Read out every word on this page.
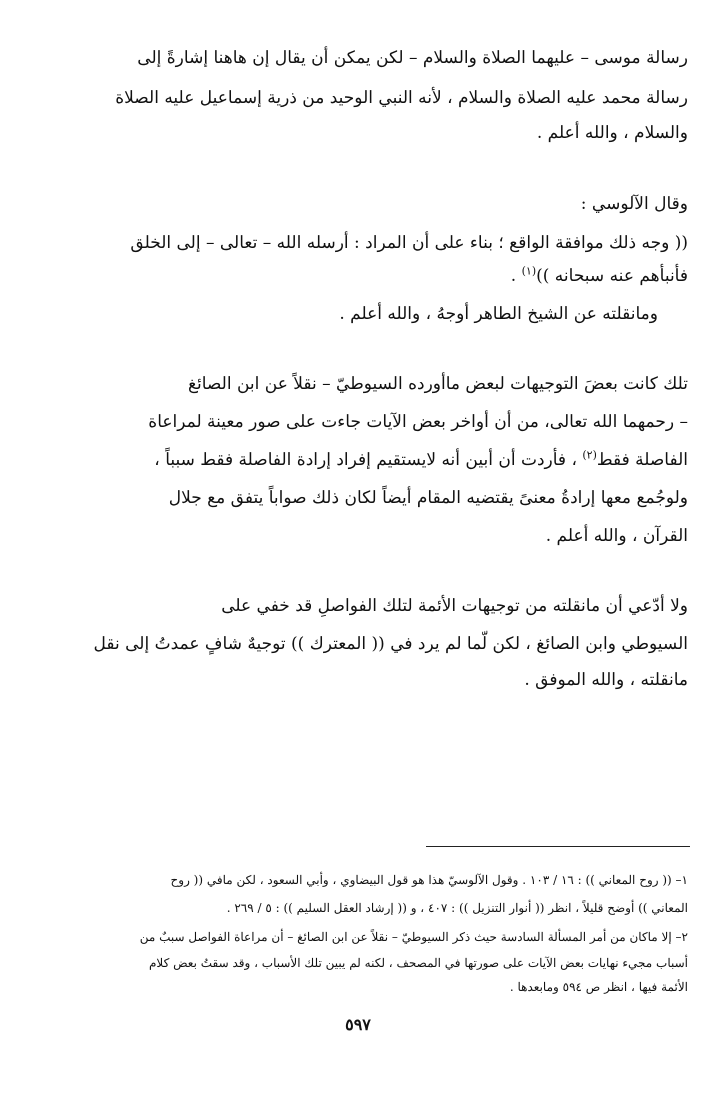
رسالة موسى – عليهما الصلاة والسلام – لكن يمكن أن يقال إن هاهنا إشارةً إلى
رسالة محمد عليه الصلاة والسلام ، لأنه النبي الوحيد من ذرية إسماعيل عليه الصلاة
والسلام ، والله أعلم .
وقال الآلوسي :
(( وجه ذلك موافقة الواقع ؛ بناء على أن المراد : أرسله الله – تعالى – إلى الخلق
فأنبأهم عنه سبحانه ))$^{(١)}$ .
ومانقلته عن الشيخ الطاهر أوجهُ ، والله أعلم .
تلك كانت بعضَ التوجيهات لبعض ماأورده السيوطيّ – نقلاً عن ابن الصائغ
– رحمهما الله تعالى، من أن أواخر بعض الآيات جاءت على صور معينة لمراعاة
الفاصلة فقط$^{(٢)}$ ، فأردت أن أبين أنه لايستقيم إفراد إرادة الفاصلة فقط سبباً ،
ولوجُمع معها إرادةُ معنىً يقتضيه المقام أيضاً لكان ذلك صواباً يتفق مع جلال
القرآن ، والله أعلم .
ولا أدّعي أن مانقلته من توجيهات الأئمة لتلك الفواصلِ قد خفي على
السيوطي وابن الصائغ ، لكن لّما لم يرد في (( المعترك )) توجيهٌ شافٍ عمدتُ إلى نقل
مانقلته ، والله الموفق .
١– (( روح المعاني )) : ١٦ / ١٠٣ . وقول الآلوسيّ هذا هو قول البيضاوي ، وأبي السعود ، لكن مافي (( روح
المعاني )) أوضح قليلاً ، انظر (( أنوار التنزيل )) : ٤٠٧ ، و (( إرشاد العقل السليم )) : ٥ / ٢٦٩ .
٢– إلا ماكان من أمر المسألة السادسة حيث ذكر السيوطيّ – نقلاً عن ابن الصائغ – أن مراعاة الفواصل سببٌ من
أسباب مجيء نهايات بعض الآيات على صورتها في المصحف ، لكنه لم يبين تلك الأسباب ، وقد سقتُ بعض كلام
الأئمة فيها ، انظر ص ٥٩٤ ومابعدها .
٥٩٧
